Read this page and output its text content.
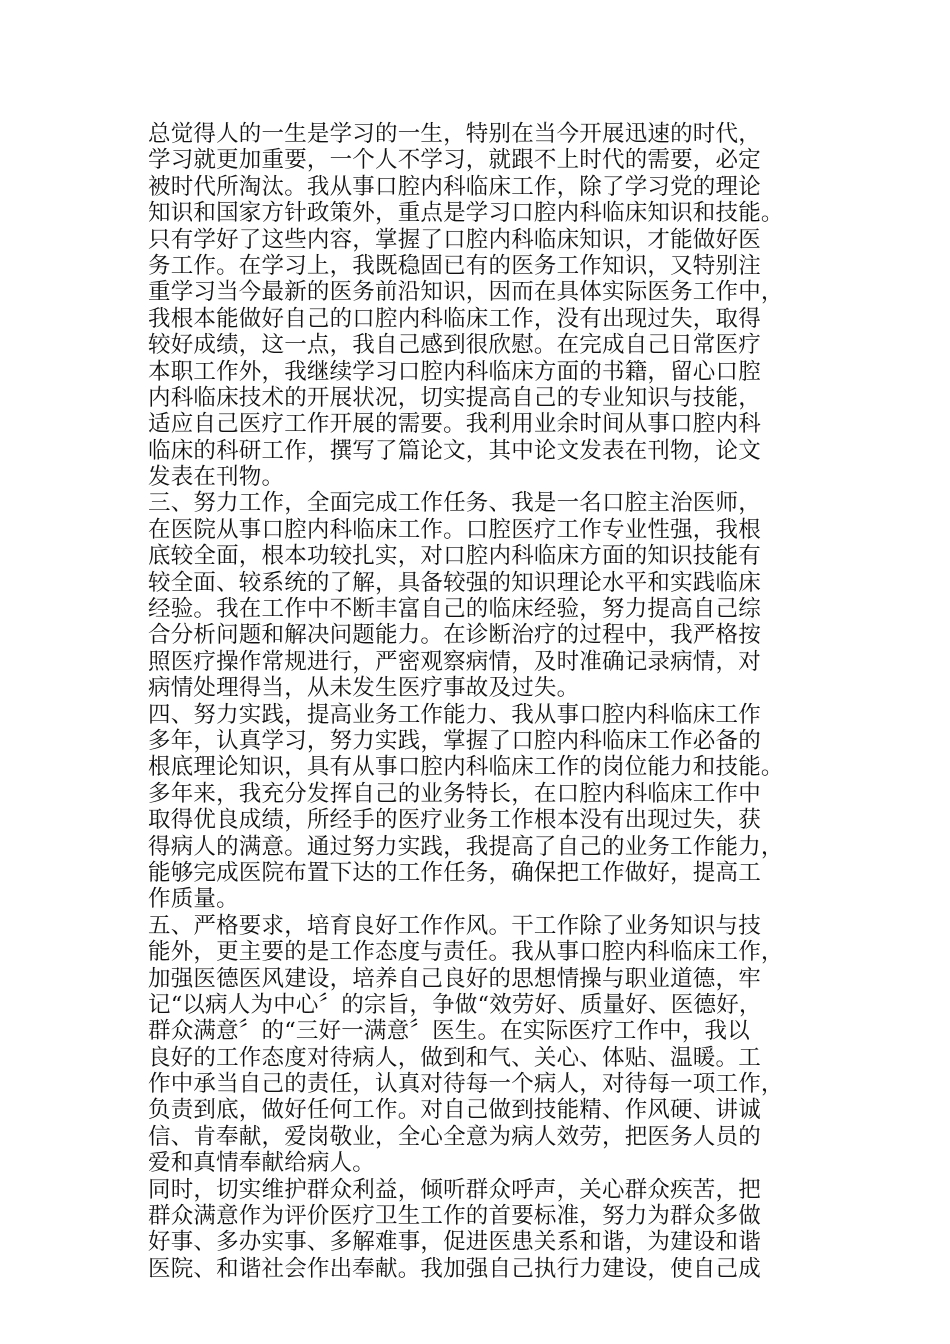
总觉得人的一生是学习的一生，特别在当今开展迅速的时代，
学习就更加重要，一个人不学习，就跟不上时代的需要，必定
被时代所淘汰。我从事口腔内科临床工作，除了学习党的理论
知识和国家方针政策外，重点是学习口腔内科临床知识和技能。
只有学好了这些内容，掌握了口腔内科临床知识，才能做好医
务工作。在学习上，我既稳固已有的医务工作知识，又特别注
重学习当今最新的医务前沿知识，因而在具体实际医务工作中，
我根本能做好自己的口腔内科临床工作，没有出现过失，取得
较好成绩，这一点，我自己感到很欣慰。在完成自己日常医疗
本职工作外，我继续学习口腔内科临床方面的书籍，留心口腔
内科临床技术的开展状况，切实提高自己的专业知识与技能，
适应自己医疗工作开展的需要。我利用业余时间从事口腔内科
临床的科研工作，撰写了篇论文，其中论文发表在刊物，论文
发表在刊物。
三、努力工作，全面完成工作任务、我是一名口腔主治医师，
在医院从事口腔内科临床工作。口腔医疗工作专业性强，我根
底较全面，根本功较扎实，对口腔内科临床方面的知识技能有
较全面、较系统的了解，具备较强的知识理论水平和实践临床
经验。我在工作中不断丰富自己的临床经验，努力提高自己综
合分析问题和解决问题能力。在诊断治疗的过程中，我严格按
照医疗操作常规进行，严密观察病情，及时准确记录病情，对
病情处理得当，从未发生医疗事故及过失。
四、努力实践，提高业务工作能力、我从事口腔内科临床工作
多年，认真学习，努力实践，掌握了口腔内科临床工作必备的
根底理论知识，具有从事口腔内科临床工作的岗位能力和技能。
多年来，我充分发挥自己的业务特长，在口腔内科临床工作中
取得优良成绩，所经手的医疗业务工作根本没有出现过失，获
得病人的满意。通过努力实践，我提高了自己的业务工作能力，
能够完成医院布置下达的工作任务，确保把工作做好，提高工
作质量。
五、严格要求，培育良好工作作风。干工作除了业务知识与技
能外，更主要的是工作态度与责任。我从事口腔内科临床工作，
加强医德医风建设，培养自己良好的思想情操与职业道德，牢
记“以病人为中心〞的宗旨，争做“效劳好、质量好、医德好，
群众满意〞的“三好一满意〞医生。在实际医疗工作中，我以
良好的工作态度对待病人，做到和气、关心、体贴、温暖。工
作中承当自己的责任，认真对待每一个病人，对待每一项工作，
负责到底，做好任何工作。对自己做到技能精、作风硬、讲诚
信、肯奉献，爱岗敬业，全心全意为病人效劳，把医务人员的
爱和真情奉献给病人。
同时，切实维护群众利益，倾听群众呼声，关心群众疾苦，把
群众满意作为评价医疗卫生工作的首要标准，努力为群众多做
好事、多办实事、多解难事，促进医患关系和谐，为建设和谐
医院、和谐社会作出奉献。我加强自己执行力建设，使自己成
